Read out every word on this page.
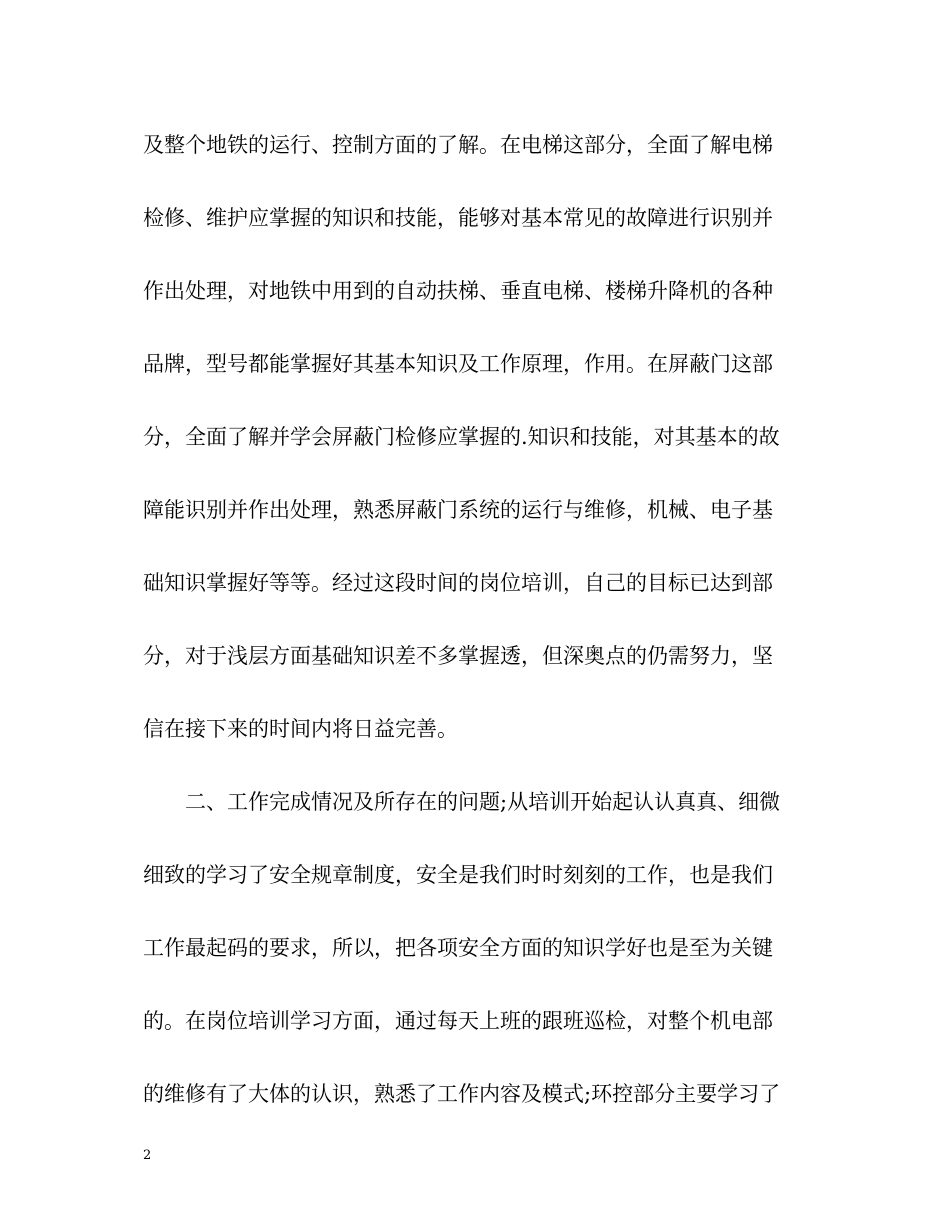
及整个地铁的运行、控制方面的了解。在电梯这部分，全面了解电梯
检修、维护应掌握的知识和技能，能够对基本常见的故障进行识别并
作出处理，对地铁中用到的自动扶梯、垂直电梯、楼梯升降机的各种
品牌，型号都能掌握好其基本知识及工作原理，作用。在屏蔽门这部
分，全面了解并学会屏蔽门检修应掌握的.知识和技能，对其基本的故
障能识别并作出处理，熟悉屏蔽门系统的运行与维修，机械、电子基
础知识掌握好等等。经过这段时间的岗位培训，自己的目标已达到部
分，对于浅层方面基础知识差不多掌握透，但深奥点的仍需努力，坚
信在接下来的时间内将日益完善。
二、工作完成情况及所存在的问题;从培训开始起认认真真、细微
细致的学习了安全规章制度，安全是我们时时刻刻的工作，也是我们
工作最起码的要求，所以，把各项安全方面的知识学好也是至为关键
的。在岗位培训学习方面，通过每天上班的跟班巡检，对整个机电部
的维修有了大体的认识，熟悉了工作内容及模式;环控部分主要学习了
2
